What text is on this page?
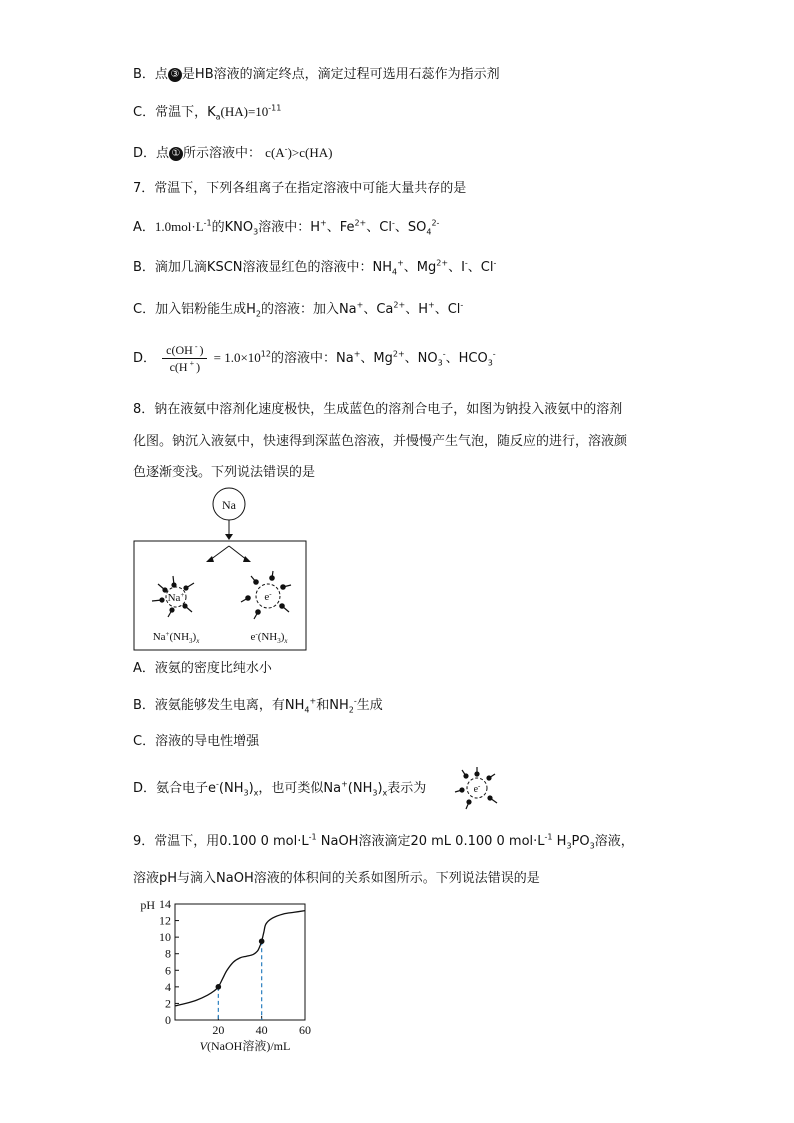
B．点 ③ 是HB溶液的滴定终点，滴定过程可选用石蕊作为指示剂
C．常温下，$K_a(HA)=10^{-11}$
D．点 ① 所示溶液中： c(A-)>c(HA)
7．常温下，下列各组离子在指定溶液中可能大量共存的是
A．$1.0mol\cdot L^{-1}$的$KNO_3$溶液中：H+、$Fe^{2+}$、Cl-、$SO_4^{2-}$
B．滴加几滴KSCN溶液显红色的溶液中：$NH_4^+$、$Mg^{2+}$、I-、Cl-
C．加入铝粉能生成$H_2$的溶液：加入Na+、$Ca^{2+}$、H+、Cl-
D． $\frac{c(OH ^- )}{c(H ^+ )} = 1.0\times 10^{12}$的溶液中：Na+、$Mg^{2+}$、$NO_3^-$、$HCO_3^-$
8．钠在液氨中溶剂化速度极快，生成蓝色的溶剂合电子，如图为钠投入液氨中的溶剂
化图。钠沉入液氨中，快速得到深蓝色溶液，并慢慢产生气泡，随反应的进行，溶液颜
色逐渐变浅。下列说法错误的是
Na
Na+
$Na^+(NH_3)_x$
e-
$e^-(NH_3)_x$
A．液氨的密度比纯水小
B．液氨能够发生电离，有$NH_4^+$和$NH_2^-$生成
C．溶液的导电性增强
D．氨合电子$e^-(NH_3)_x$，也可类似$Na^+(NH_3)_x$表示为	e-
9．常温下，用0.100 0 $mol\cdot L^{-1}$ NaOH溶液滴定20 mL 0.100 0 $mol\cdot L^{-1}$ $H_3PO_3$溶液，
溶液pH与滴入NaOH溶液的体积间的关系如图所示。下列说法错误的是
0
2
4
6
8
10
12
14
20	40	60
pH
V(NaOH溶液)/mL
